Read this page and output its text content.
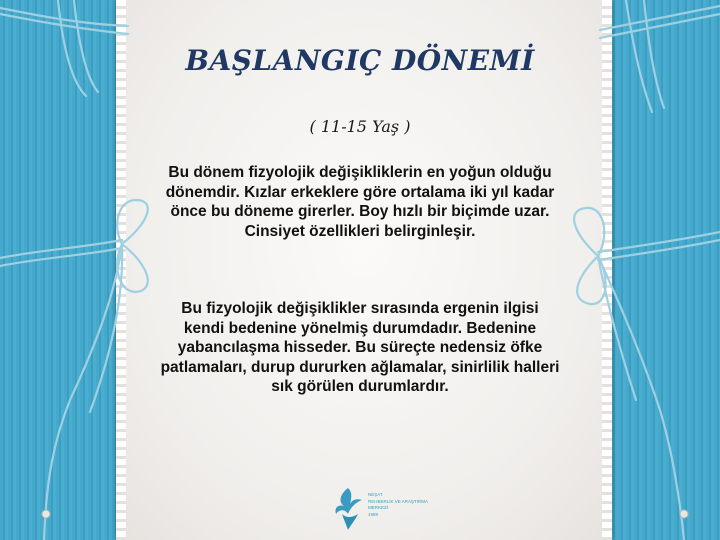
BAŞLANGIÇ DÖNEMİ

( 11-15 Yaş )

Bu dönem fizyolojik değişikliklerin en yoğun olduğu dönemdir. Kızlar erkeklere göre ortalama iki yıl kadar önce bu döneme girerler. Boy hızlı bir biçimde uzar. Cinsiyet özellikleri belirginleşir.

Bu fizyolojik değişiklikler sırasında ergenin ilgisi kendi bedenine yönelmiş durumdadır. Bedenine yabancılaşma hisseder. Bu süreçte nedensiz öfke patlamaları, durup dururken ağlamalar, sinirlilik halleri sık görülen durumlardır.

NEŞAT
REHBERLİK VE ARAŞTIRMA
MERKEZİ
1989
